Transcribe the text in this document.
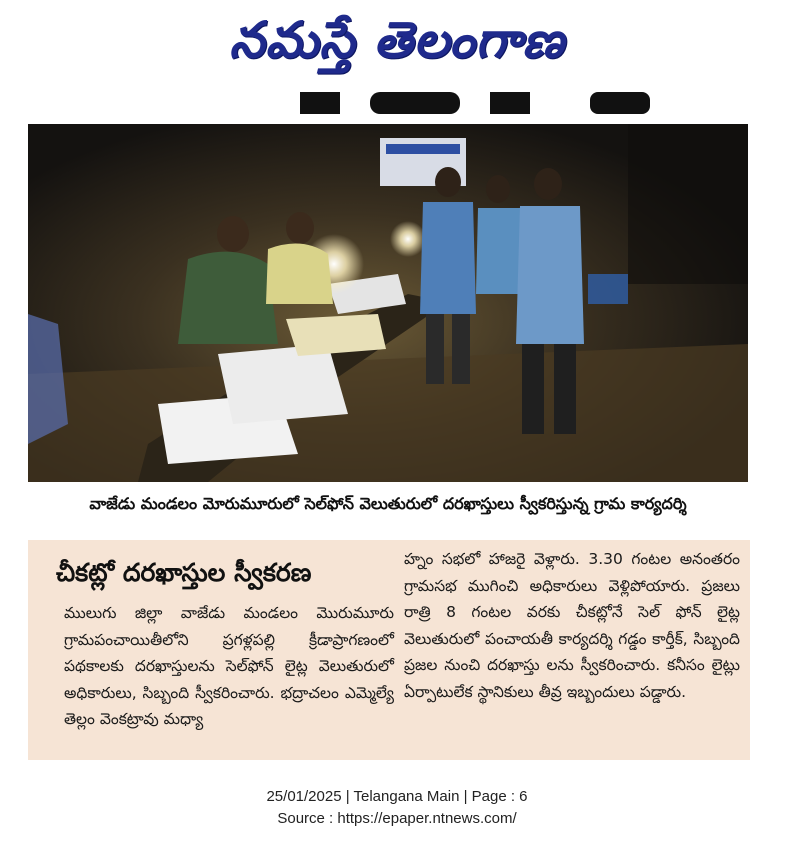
నమస్తే తెలంగాణ
వాజేడు మండలం మోరుమూరులో సెల్‌ఫోన్ వెలుతురులో దరఖాస్తులు స్వీకరిస్తున్న గ్రామ కార్యదర్శి
చీకట్లో దరఖాస్తుల స్వీకరణ
ములుగు జిల్లా వాజేడు మండలం మొరుమూరు గ్రామపంచాయితీలోని ప్రగళ్లపల్లి క్రీడాప్రాగణంలో పథకాలకు దరఖాస్తులను సెల్‌ఫోన్ లైట్ల వెలుతురులో అధికారులు, సిబ్బంది స్వీకరించారు. భద్రాచలం ఎమ్మెల్యే తెల్లం వెంకట్రావు మధ్యా
హ్నం సభలో హాజరై వెళ్లారు. 3.30 గంటల అనంతరం గ్రామసభ ముగించి అధికారులు వెళ్లిపోయారు. ప్రజలు రాత్రి 8 గంటల వరకు చీకట్లోనే సెల్ ఫోన్ లైట్ల వెలుతురులో పంచాయతీ కార్యదర్శి గడ్డం కార్తీక్, సిబ్బంది ప్రజల నుంచి దరఖాస్తు లను స్వీకరించారు. కనీసం లైట్లు ఏర్పాటులేక స్థానికులు తీవ్ర ఇబ్బందులు పడ్డారు.
25/01/2025 | Telangana Main | Page : 6
Source : https://epaper.ntnews.com/
